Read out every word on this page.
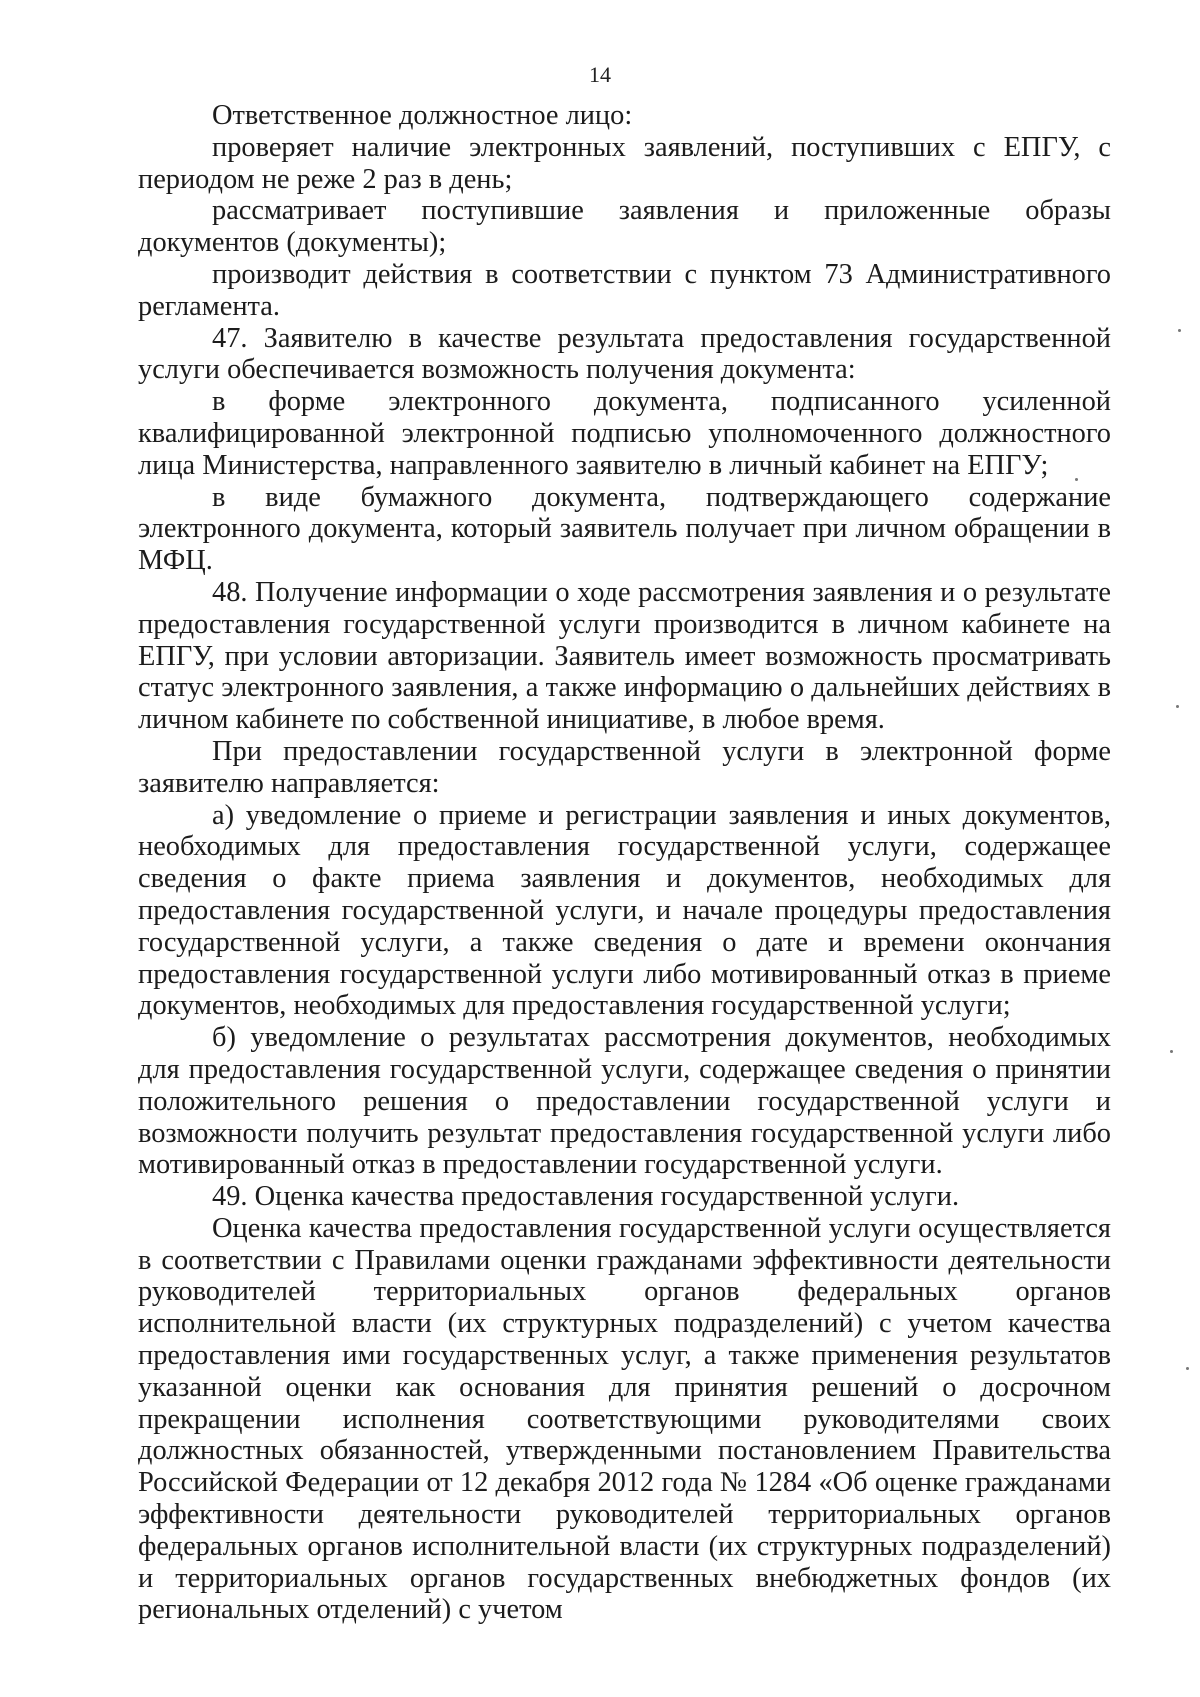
14

Ответственное должностное лицо:

проверяет наличие электронных заявлений, поступивших с ЕПГУ, с периодом не реже 2 раз в день;

рассматривает поступившие заявления и приложенные образы документов (документы);

производит действия в соответствии с пунктом 73 Административного регламента.

47. Заявителю в качестве результата предоставления государственной услуги обеспечивается возможность получения документа:

в форме электронного документа, подписанного усиленной квалифицированной электронной подписью уполномоченного должностного лица Министерства, направленного заявителю в личный кабинет на ЕПГУ;

в виде бумажного документа, подтверждающего содержание электронного документа, который заявитель получает при личном обращении в МФЦ.

48. Получение информации о ходе рассмотрения заявления и о результате предоставления государственной услуги производится в личном кабинете на ЕПГУ, при условии авторизации. Заявитель имеет возможность просматривать статус электронного заявления, а также информацию о дальнейших действиях в личном кабинете по собственной инициативе, в любое время.

При предоставлении государственной услуги в электронной форме заявителю направляется:

а) уведомление о приеме и регистрации заявления и иных документов, необходимых для предоставления государственной услуги, содержащее сведения о факте приема заявления и документов, необходимых для предоставления государственной услуги, и начале процедуры предоставления государственной услуги, а также сведения о дате и времени окончания предоставления государственной услуги либо мотивированный отказ в приеме документов, необходимых для предоставления государственной услуги;

б) уведомление о результатах рассмотрения документов, необходимых для предоставления государственной услуги, содержащее сведения о принятии положительного решения о предоставлении государственной услуги и возможности получить результат предоставления государственной услуги либо мотивированный отказ в предоставлении государственной услуги.

49. Оценка качества предоставления государственной услуги.

Оценка качества предоставления государственной услуги осуществляется в соответствии с Правилами оценки гражданами эффективности деятельности руководителей территориальных органов федеральных органов исполнительной власти (их структурных подразделений) с учетом качества предоставления ими государственных услуг, а также применения результатов указанной оценки как основания для принятия решений о досрочном прекращении исполнения соответствующими руководителями своих должностных обязанностей, утвержденными постановлением Правительства Российской Федерации от 12 декабря 2012 года № 1284 «Об оценке гражданами эффективности деятельности руководителей территориальных органов федеральных органов исполнительной власти (их структурных подразделений) и территориальных органов государственных внебюджетных фондов (их региональных отделений) с учетом
